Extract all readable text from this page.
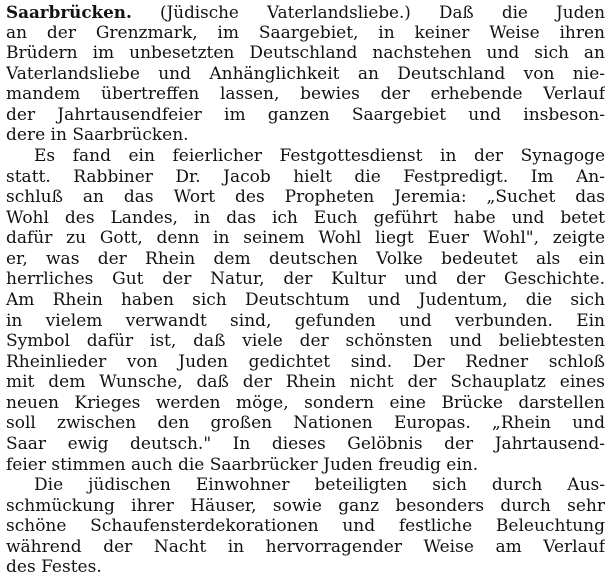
Saarbrücken. (Jüdische Vaterlandsliebe.) Daß die Juden
an der Grenzmark, im Saargebiet, in keiner Weise ihren
Brüdern im unbesetzten Deutschland nachstehen und sich an
Vaterlandsliebe und Anhänglichkeit an Deutschland von nie-
mandem übertreffen lassen, bewies der erhebende Verlauf
der Jahrtausendfeier im ganzen Saargebiet und insbeson-
dere in Saarbrücken.
Es fand ein feierlicher Festgottesdienst in der Synagoge
statt. Rabbiner Dr. Jacob hielt die Festpredigt. Im An-
schluß an das Wort des Propheten Jeremia: „Suchet das
Wohl des Landes, in das ich Euch geführt habe und betet
dafür zu Gott, denn in seinem Wohl liegt Euer Wohl", zeigte
er, was der Rhein dem deutschen Volke bedeutet als ein
herrliches Gut der Natur, der Kultur und der Geschichte.
Am Rhein haben sich Deutschtum und Judentum, die sich
in vielem verwandt sind, gefunden und verbunden. Ein
Symbol dafür ist, daß viele der schönsten und beliebtesten
Rheinlieder von Juden gedichtet sind. Der Redner schloß
mit dem Wunsche, daß der Rhein nicht der Schauplatz eines
neuen Krieges werden möge, sondern eine Brücke darstellen
soll zwischen den großen Nationen Europas. „Rhein und
Saar ewig deutsch." In dieses Gelöbnis der Jahrtausend-
feier stimmen auch die Saarbrücker Juden freudig ein.
Die jüdischen Einwohner beteiligten sich durch Aus-
schmückung ihrer Häuser, sowie ganz besonders durch sehr
schöne Schaufensterdekorationen und festliche Beleuchtung
während der Nacht in hervorragender Weise am Verlauf
des Festes.
